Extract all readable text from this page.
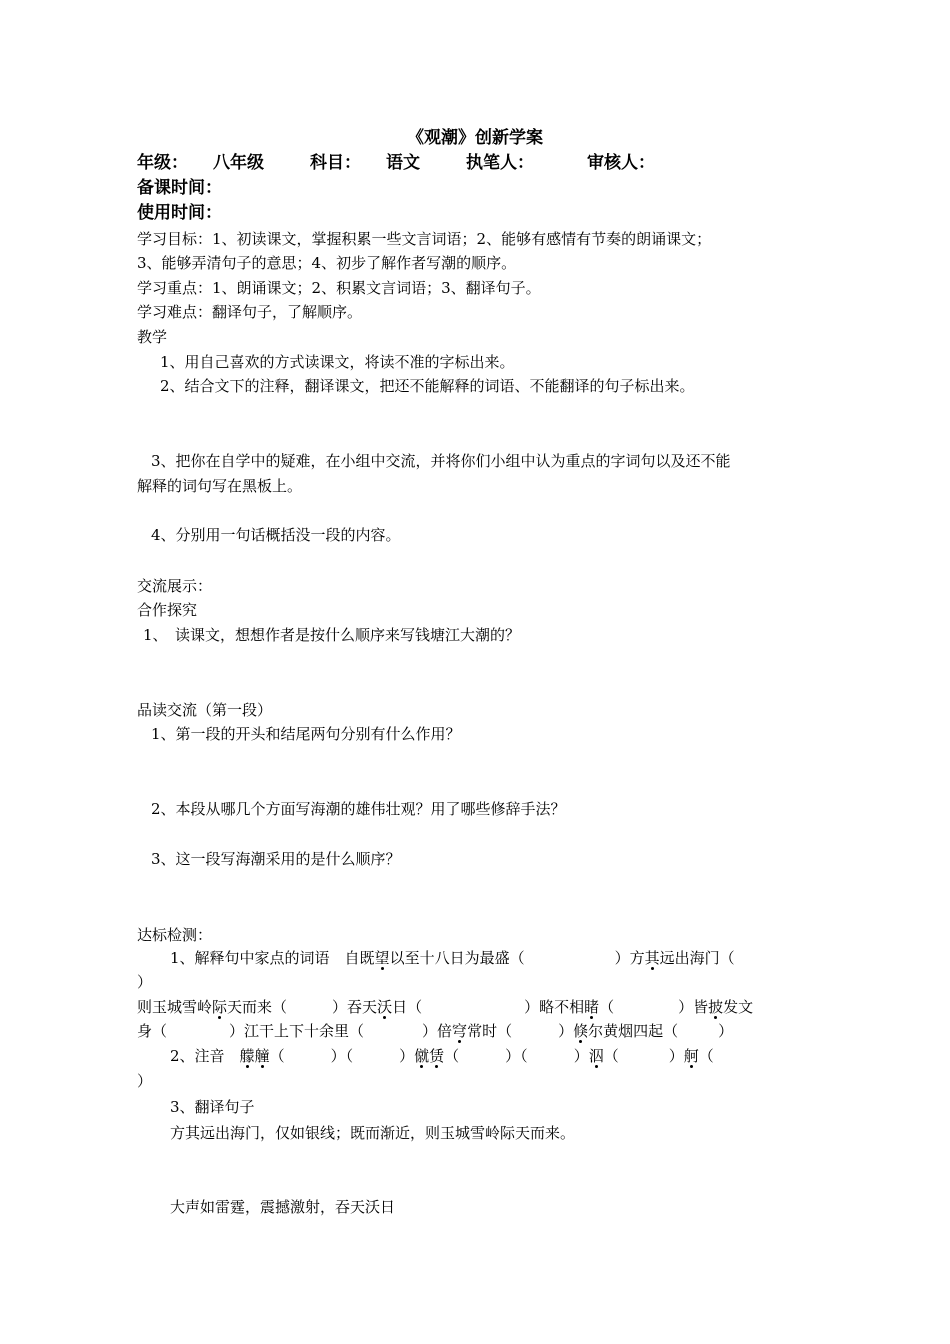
《观潮》创新学案
年级： 八年级	科目： 语文	执笔人：	审核人：
备课时间：
使用时间：
学习目标：1、初读课文，掌握积累一些文言词语；2、能够有感情有节奏的朗诵课文；
3、能够弄清句子的意思；4、初步了解作者写潮的顺序。
学习重点：1、朗诵课文；2、积累文言词语；3、翻译句子。
学习难点：翻译句子，了解顺序。
教学
1、用自己喜欢的方式读课文，将读不准的字标出来。
2、结合文下的注释，翻译课文，把还不能解释的词语、不能翻译的句子标出来。
3、把你在自学中的疑难，在小组中交流，并将你们小组中认为重点的字词句以及还不能
解释的词句写在黑板上。
4、分别用一句话概括没一段的内容。
交流展示：
合作探究
1、　读课文，想想作者是按什么顺序来写钱塘江大潮的？
品读交流（第一段）
1、第一段的开头和结尾两句分别有什么作用？
2、本段从哪几个方面写海潮的雄伟壮观？用了哪些修辞手法？
3、这一段写海潮采用的是什么顺序？
达标检测：
1、解释句中家点的词语　自既望以至十八日为最盛（	）方其远出海门（
）
则玉城雪岭际天而来（	）吞天沃日（	）略不相睹（	）皆披发文
身（	）江干上下十余里（	）倍穹常时（	）倏尔黄烟四起（	）
2、注音　艨艟（	）（	）僦赁（	）（	）泅（	）舸（
）
3、翻译句子
方其远出海门，仅如银线；既而渐近，则玉城雪岭际天而来。
大声如雷霆，震撼激射，吞天沃日
